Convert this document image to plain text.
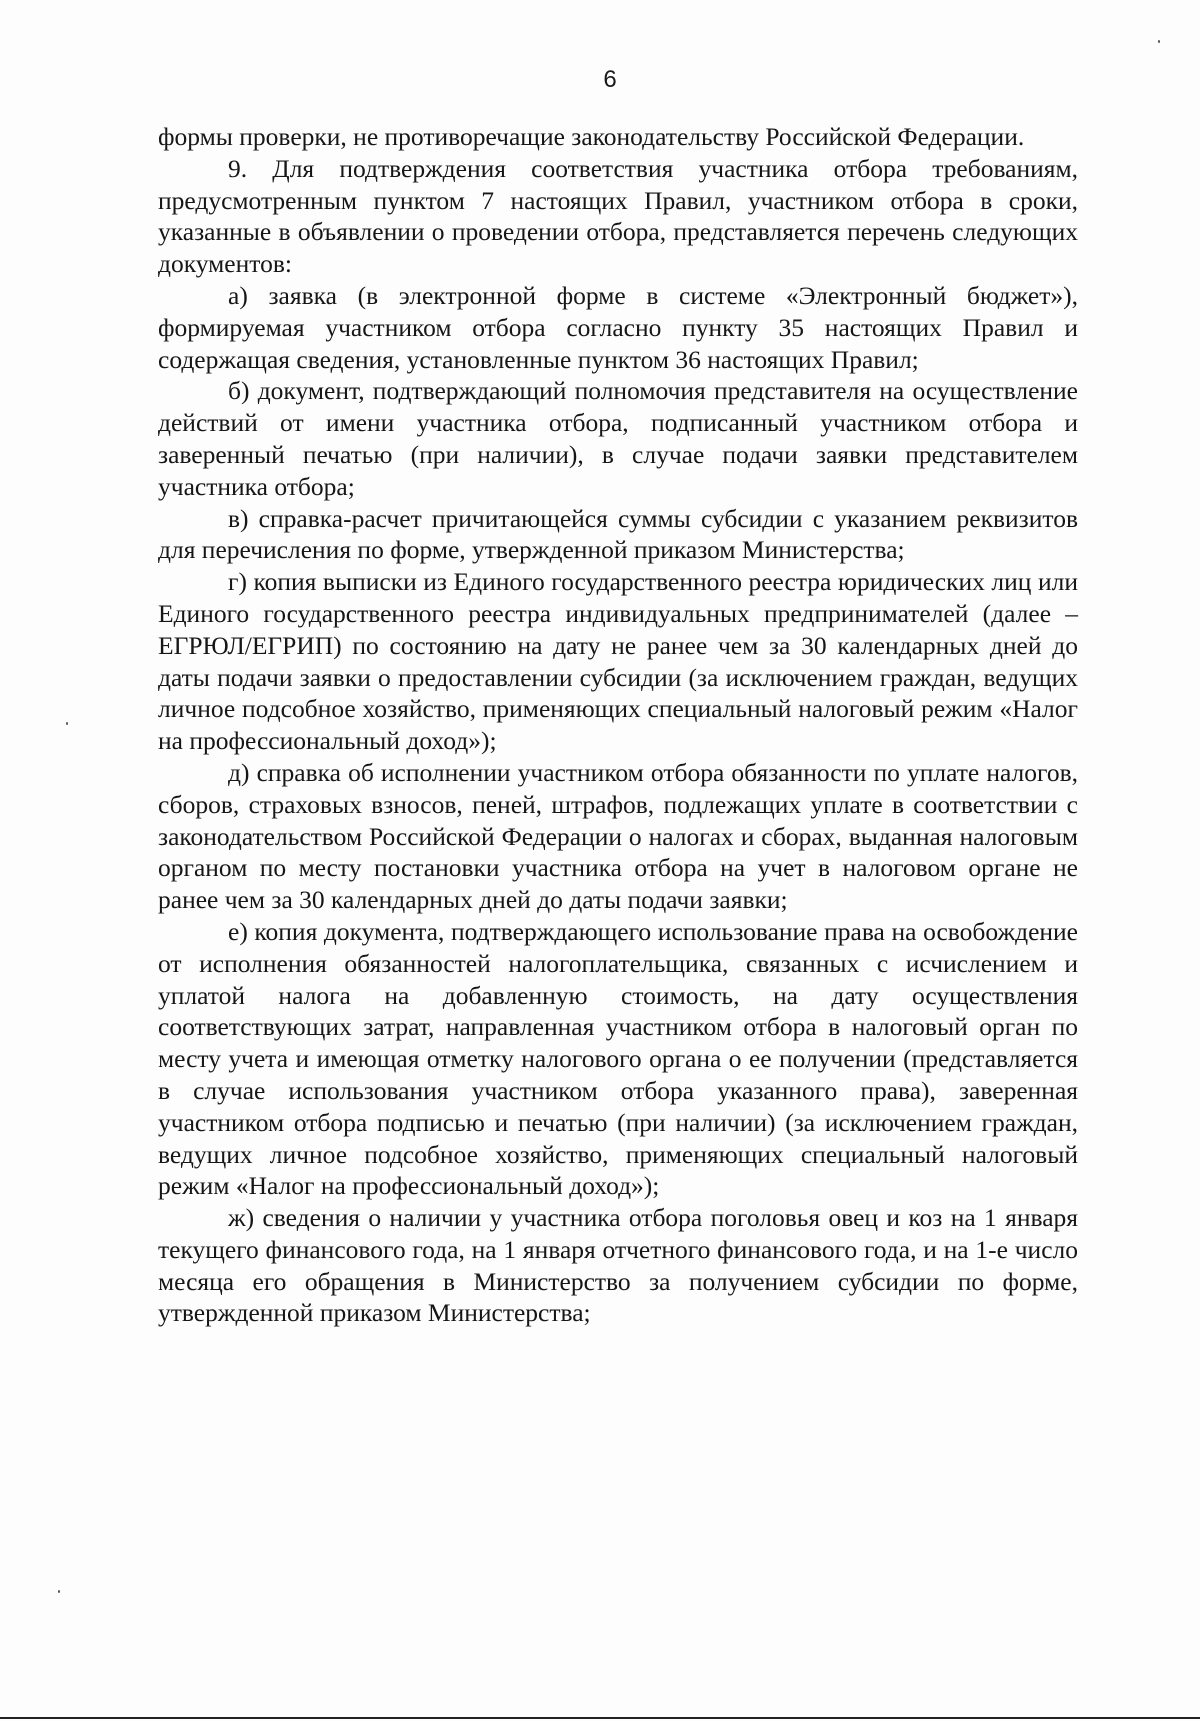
6

формы проверки, не противоречащие законодательству Российской Федерации.

9. Для подтверждения соответствия участника отбора требованиям, предусмотренным пунктом 7 настоящих Правил, участником отбора в сроки, указанные в объявлении о проведении отбора, представляется перечень следующих документов:

а) заявка (в электронной форме в системе «Электронный бюджет»), формируемая участником отбора согласно пункту 35 настоящих Правил и содержащая сведения, установленные пунктом 36 настоящих Правил;

б) документ, подтверждающий полномочия представителя на осуществление действий от имени участника отбора, подписанный участником отбора и заверенный печатью (при наличии), в случае подачи заявки представителем участника отбора;

в) справка-расчет причитающейся суммы субсидии с указанием реквизитов для перечисления по форме, утвержденной приказом Министерства;

г) копия выписки из Единого государственного реестра юридических лиц или Единого государственного реестра индивидуальных предпринимателей (далее – ЕГРЮЛ/ЕГРИП) по состоянию на дату не ранее чем за 30 календарных дней до даты подачи заявки о предоставлении субсидии (за исключением граждан, ведущих личное подсобное хозяйство, применяющих специальный налоговый режим «Налог на профессиональный доход»);

д) справка об исполнении участником отбора обязанности по уплате налогов, сборов, страховых взносов, пеней, штрафов, подлежащих уплате в соответствии с законодательством Российской Федерации о налогах и сборах, выданная налоговым органом по месту постановки участника отбора на учет в налоговом органе не ранее чем за 30 календарных дней до даты подачи заявки;

е) копия документа, подтверждающего использование права на освобождение от исполнения обязанностей налогоплательщика, связанных с исчислением и уплатой налога на добавленную стоимость, на дату осуществления соответствующих затрат, направленная участником отбора в налоговый орган по месту учета и имеющая отметку налогового органа о ее получении (представляется в случае использования участником отбора указанного права), заверенная участником отбора подписью и печатью (при наличии) (за исключением граждан, ведущих личное подсобное хозяйство, применяющих специальный налоговый режим «Налог на профессиональный доход»);

ж) сведения о наличии у участника отбора поголовья овец и коз на 1 января текущего финансового года, на 1 января отчетного финансового года, и на 1-е число месяца его обращения в Министерство за получением субсидии по форме, утвержденной приказом Министерства;
